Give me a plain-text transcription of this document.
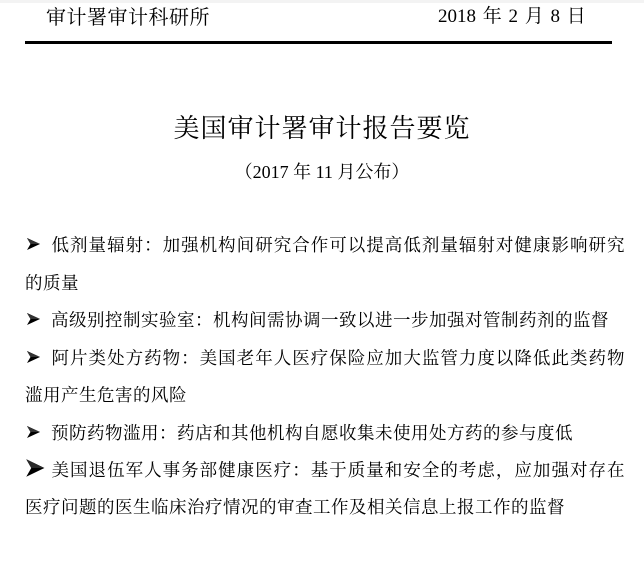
审计署审计科研所	2018 年 2 月 8 日
美国审计署审计报告要览
（2017 年 11 月公布）
低剂量辐射：加强机构间研究合作可以提高低剂量辐射对健康影响研究的质量
高级别控制实验室：机构间需协调一致以进一步加强对管制药剂的监督
阿片类处方药物：美国老年人医疗保险应加大监管力度以降低此类药物滥用产生危害的风险
预防药物滥用：药店和其他机构自愿收集未使用处方药的参与度低
美国退伍军人事务部健康医疗：基于质量和安全的考虑，应加强对存在医疗问题的医生临床治疗情况的审查工作及相关信息上报工作的监督
